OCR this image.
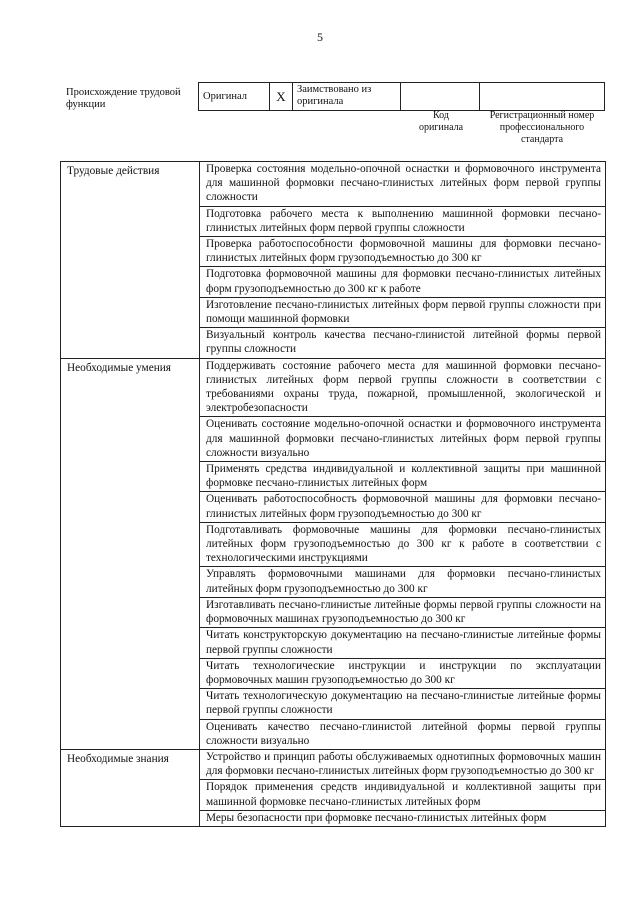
5
Происхождение трудовой функции
Оригинал	X	Заимствовано из оригинала		
Код оригинала
Регистрационный номер профессионального стандарта
Трудовые действия	Проверка состояния модельно-опочной оснастки и формовочного инструмента для машинной формовки песчано-глинистых литейных форм первой группы сложности
	Подготовка рабочего места к выполнению машинной формовки песчано-глинистых литейных форм первой группы сложности
	Проверка работоспособности формовочной машины для формовки песчано-глинистых литейных форм грузоподъемностью до 300 кг
	Подготовка формовочной машины для формовки песчано-глинистых литейных форм грузоподъемностью до 300 кг к работе
	Изготовление песчано-глинистых литейных форм первой группы сложности при помощи машинной формовки
	Визуальный контроль качества песчано-глинистой литейной формы первой группы сложности
Необходимые умения	Поддерживать состояние рабочего места для машинной формовки песчано-глинистых литейных форм первой группы сложности в соответствии с требованиями охраны труда, пожарной, промышленной, экологической и электробезопасности
	Оценивать состояние модельно-опочной оснастки и формовочного инструмента для машинной формовки песчано-глинистых литейных форм первой группы сложности визуально
	Применять средства индивидуальной и коллективной защиты при машинной формовке песчано-глинистых литейных форм
	Оценивать работоспособность формовочной машины для формовки песчано-глинистых литейных форм грузоподъемностью до 300 кг
	Подготавливать формовочные машины для формовки песчано-глинистых литейных форм грузоподъемностью до 300 кг к работе в соответствии с технологическими инструкциями
	Управлять формовочными машинами для формовки песчано-глинистых литейных форм грузоподъемностью до 300 кг
	Изготавливать песчано-глинистые литейные формы первой группы сложности на формовочных машинах грузоподъемностью до 300 кг
	Читать конструкторскую документацию на песчано-глинистые литейные формы первой группы сложности
	Читать технологические инструкции и инструкции по эксплуатации формовочных машин грузоподъемностью до 300 кг
	Читать технологическую документацию на песчано-глинистые литейные формы первой группы сложности
	Оценивать качество песчано-глинистой литейной формы первой группы сложности визуально
Необходимые знания	Устройство и принцип работы обслуживаемых однотипных формовочных машин для формовки песчано-глинистых литейных форм грузоподъемностью до 300 кг
	Порядок применения средств индивидуальной и коллективной защиты при машинной формовке песчано-глинистых литейных форм
	Меры безопасности при формовке песчано-глинистых литейных форм
